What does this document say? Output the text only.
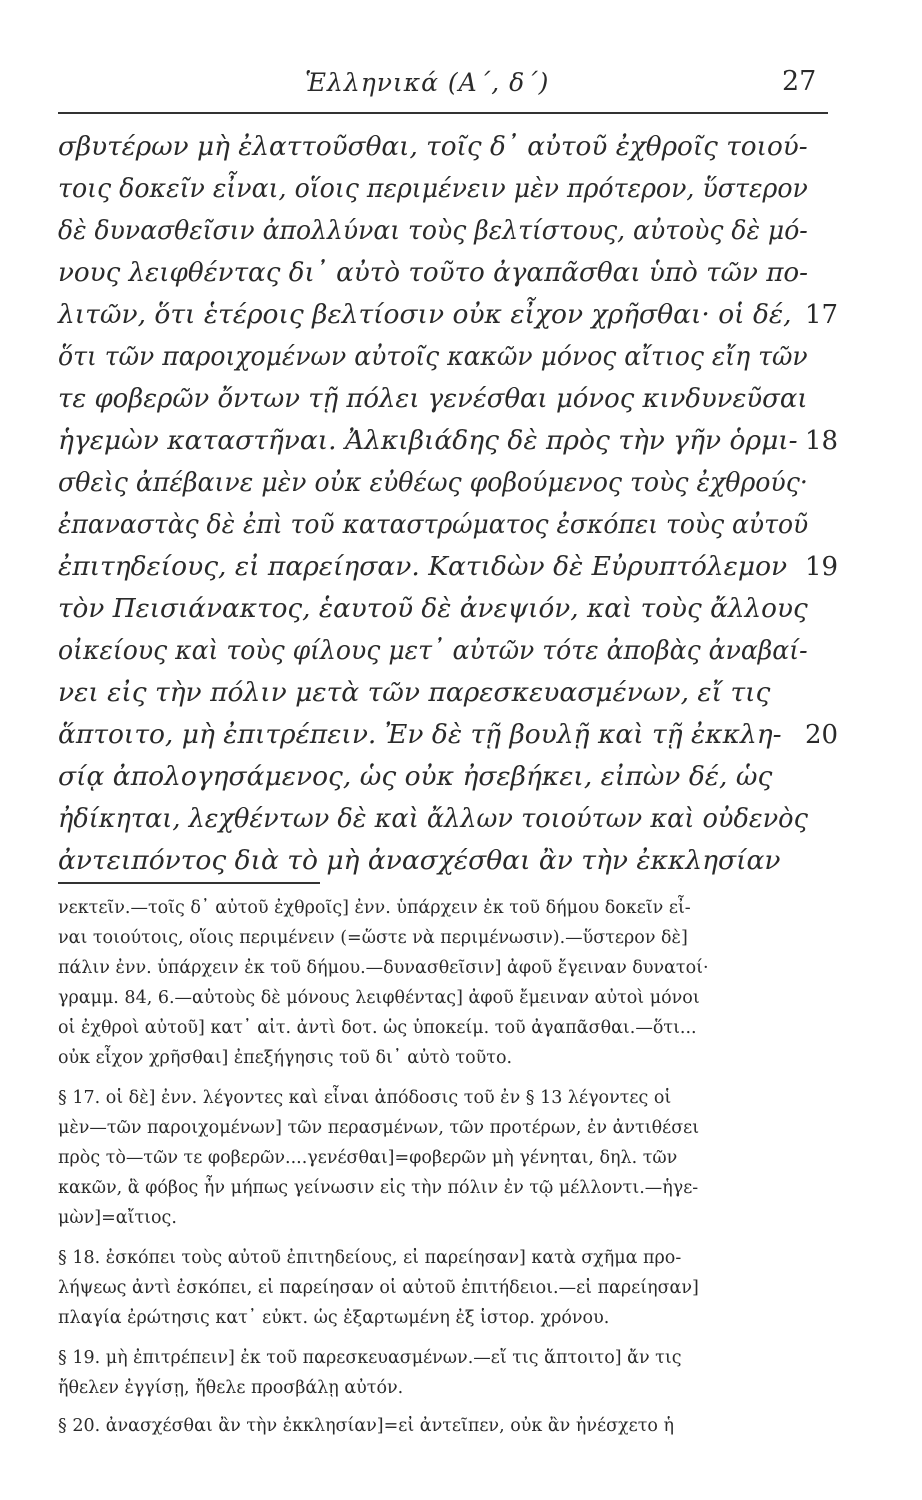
Ἑλληνικά (Α΄, δ΄)	27
σβυτέρων μὴ ἐλαττοῦσθαι, τοῖς δ᾽ αὐτοῦ ἐχθροῖς τοιού-
τοις δοκεῖν εἶναι, οἵοις περιμένειν μὲν πρότερον, ὕστερον
δὲ δυνασθεῖσιν ἀπολλύναι τοὺς βελτίστους, αὐτοὺς δὲ μό-
νους λειφθέντας δι᾽ αὐτὸ τοῦτο ἀγαπᾶσθαι ὑπὸ τῶν πο-
λιτῶν, ὅτι ἑτέροις βελτίοσιν οὐκ εἶχον χρῆσθαι· οἱ δέ,
ὅτι τῶν παροιχομένων αὐτοῖς κακῶν μόνος αἴτιος εἴη τῶν
τε φοβερῶν ὄντων τῇ πόλει γενέσθαι μόνος κινδυνεῦσαι
ἡγεμὼν καταστῆναι. Ἀλκιβιάδης δὲ πρὸς τὴν γῆν ὁρμι-
σθεὶς ἀπέβαινε μὲν οὐκ εὐθέως φοβούμενος τοὺς ἐχθρούς·
ἐπαναστὰς δὲ ἐπὶ τοῦ καταστρώματος ἐσκόπει τοὺς αὐτοῦ
ἐπιτηδείους, εἰ παρείησαν. Κατιδὼν δὲ Εὐρυπτόλεμον
τὸν Πεισιάνακτος, ἑαυτοῦ δὲ ἀνεψιόν, καὶ τοὺς ἄλλους
οἰκείους καὶ τοὺς φίλους μετ᾽ αὐτῶν τότε ἀποβὰς ἀναβαί-
νει εἰς τὴν πόλιν μετὰ τῶν παρεσκευασμένων, εἴ τις
ἅπτοιτο, μὴ ἐπιτρέπειν. Ἐν δὲ τῇ βουλῇ καὶ τῇ ἐκκλη-
σίᾳ ἀπολογησάμενος, ὡς οὐκ ἠσεβήκει, εἰπὼν δέ, ὡς
ἠδίκηται, λεχθέντων δὲ καὶ ἄλλων τοιούτων καὶ οὐδενὸς
ἀντειπόντος διὰ τὸ μὴ ἀνασχέσθαι ἂν τὴν ἐκκλησίαν
17
18
19
20
νεκτεῖν.—τοῖς δ᾽ αὐτοῦ ἐχθροῖς] ἐνν. ὑπάρχειν ἐκ τοῦ δήμου δοκεῖν εἶ-
ναι τοιούτοις, οἵοις περιμένειν (=ὥστε νὰ περιμένωσιν).—ὕστερον δὲ]
πάλιν ἐνν. ὑπάρχειν ἐκ τοῦ δήμου.—δυνασθεῖσιν] ἀφοῦ ἔγειναν δυνατοί·
γραμμ. 84, 6.—αὐτοὺς δὲ μόνους λειφθέντας] ἀφοῦ ἔμειναν αὐτοὶ μόνοι
οἱ ἐχθροὶ αὐτοῦ] κατ᾽ αἰτ. ἀντὶ δοτ. ὡς ὑποκείμ. τοῦ ἀγαπᾶσθαι.—ὅτι...
οὐκ εἶχον χρῆσθαι] ἐπεξήγησις τοῦ δι᾽ αὐτὸ τοῦτο.
§ 17. οἱ δὲ] ἐνν. λέγοντες καὶ εἶναι ἀπόδοσις τοῦ ἐν § 13 λέγοντες οἱ
μὲν—τῶν παροιχομένων] τῶν περασμένων, τῶν προτέρων, ἐν ἀντιθέσει
πρὸς τὸ—τῶν τε φοβερῶν....γενέσθαι]=φοβερῶν μὴ γένηται, δηλ. τῶν
κακῶν, ἃ φόβος ἦν μήπως γείνωσιν εἰς τὴν πόλιν ἐν τῷ μέλλοντι.—ἡγε-
μὼν]=αἴτιος.
§ 18. ἐσκόπει τοὺς αὐτοῦ ἐπιτηδείους, εἰ παρείησαν] κατὰ σχῆμα προ-
λήψεως ἀντὶ ἐσκόπει, εἰ παρείησαν οἱ αὐτοῦ ἐπιτήδειοι.—εἰ παρείησαν]
πλαγία ἐρώτησις κατ᾽ εὐκτ. ὡς ἐξαρτωμένη ἐξ ἱστορ. χρόνου.
§ 19. μὴ ἐπιτρέπειν] ἐκ τοῦ παρεσκευασμένων.—εἴ τις ἅπτοιτο] ἄν τις
ἤθελεν ἐγγίσῃ, ἤθελε προσβάλῃ αὐτόν.
§ 20. ἀνασχέσθαι ἂν τὴν ἐκκλησίαν]=εἰ ἀντεῖπεν, οὐκ ἂν ἠνέσχετο ἡ
